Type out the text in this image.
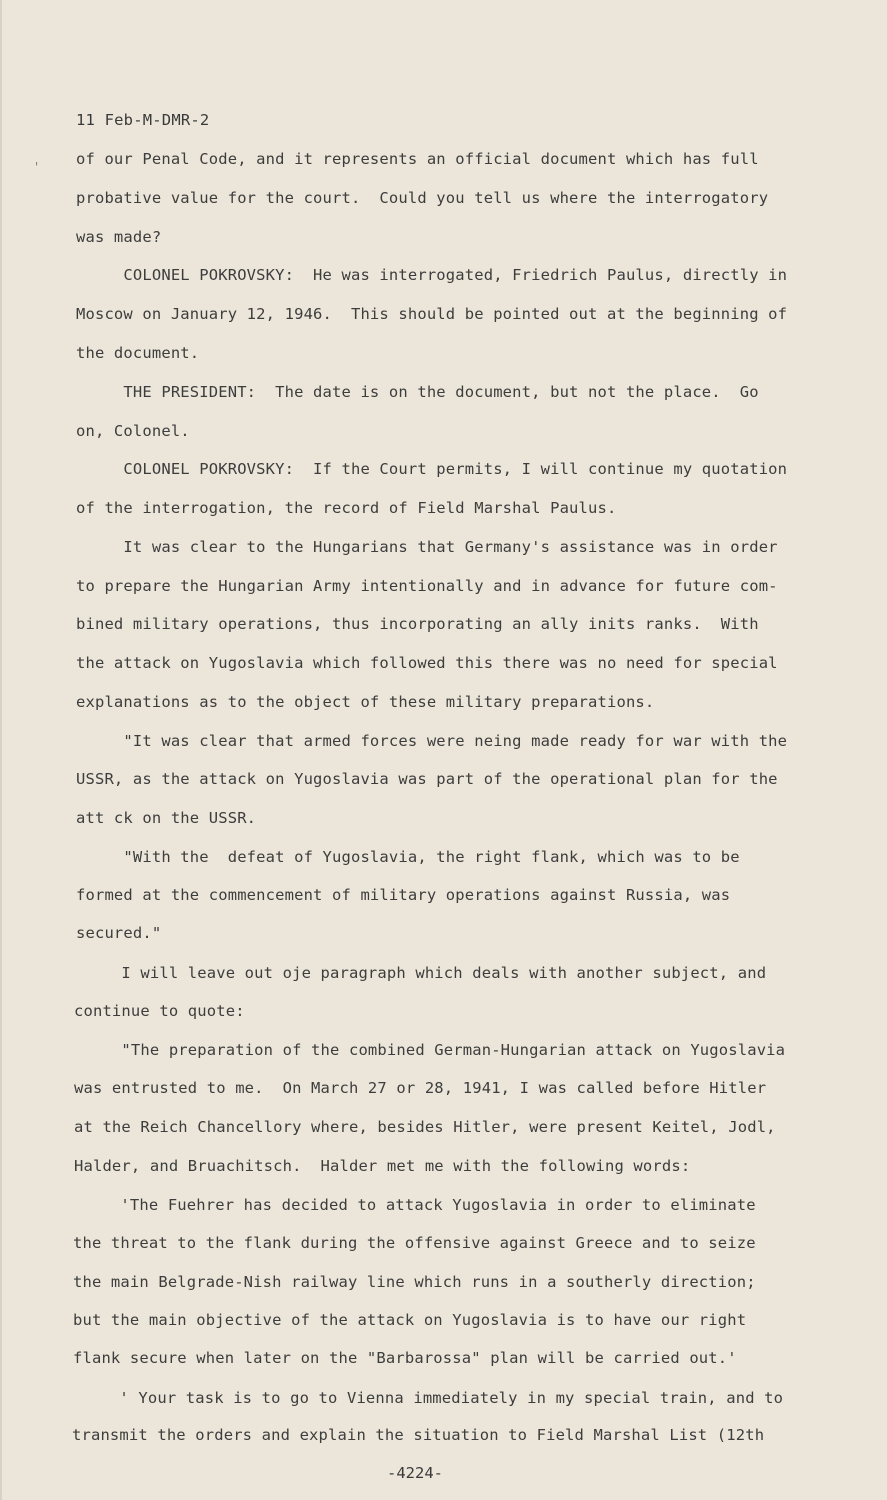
11 Feb-M-DMR-2
' of our Penal Code, and it represents an official document which has full
probative value for the court.  Could you tell us where the interrogatory
was made?
COLONEL POKROVSKY:  He was interrogated, Friedrich Paulus, directly in
Moscow on January 12, 1946.  This should be pointed out at the beginning of
the document.
THE PRESIDENT:  The date is on the document, but not the place.  Go
on, Colonel.
COLONEL POKROVSKY:  If the Court permits, I will continue my quotation
of the interrogation, the record of Field Marshal Paulus.
It was clear to the Hungarians that Germany's assistance was in order
to prepare the Hungarian Army intentionally and in advance for future com-
bined military operations, thus incorporating an ally inits ranks.  With
the attack on Yugoslavia which followed this there was no need for special
explanations as to the object of these military preparations.
"It was clear that armed forces were neing made ready for war with the
USSR, as the attack on Yugoslavia was part of the operational plan for the
att ck on the USSR.
"With the  defeat of Yugoslavia, the right flank, which was to be
formed at the commencement of military operations against Russia, was
secured."
I will leave out oje paragraph which deals with another subject, and
continue to quote:
"The preparation of the combined German-Hungarian attack on Yugoslavia
was entrusted to me.  On March 27 or 28, 1941, I was called before Hitler
at the Reich Chancellory where, besides Hitler, were present Keitel, Jodl,
Halder, and Bruachitsch.  Halder met me with the following words:
'The Fuehrer has decided to attack Yugoslavia in order to eliminate
the threat to the flank during the offensive against Greece and to seize
the main Belgrade-Nish railway line which runs in a southerly direction;
but the main objective of the attack on Yugoslavia is to have our right
flank secure when later on the "Barbarossa" plan will be carried out.'
' Your task is to go to Vienna immediately in my special train, and to
transmit the orders and explain the situation to Field Marshal List (12th
-4224-
